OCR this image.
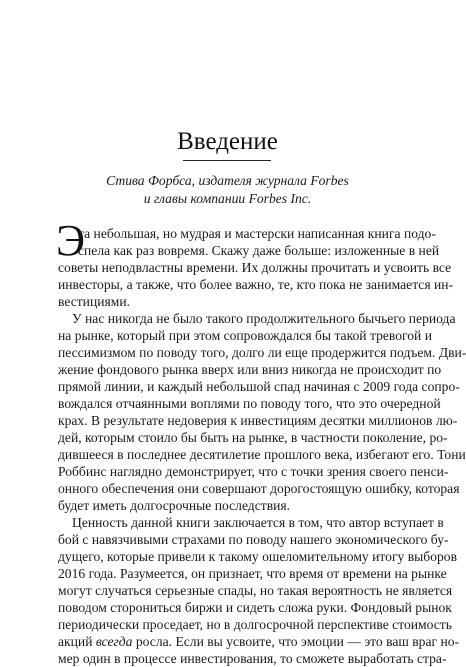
Введение
Стива Форбса, издателя журнала Forbes
и главы компании Forbes Inc.
Э
та небольшая, но мудрая и мастерски написанная книга подо-
спела как раз вовремя. Скажу даже больше: изложенные в ней
советы неподвластны времени. Их должны прочитать и усвоить все
инвесторы, а также, что более важно, те, кто пока не занимается ин-
вестициями.
У нас никогда не было такого продолжительного бычьего периода
на рынке, который при этом сопровождался бы такой тревогой и
пессимизмом по поводу того, долго ли еще продержится подъем. Дви-
жение фондового рынка вверх или вниз никогда не происходит по
прямой линии, и каждый небольшой спад начиная с 2009 года сопро-
вождался отчаянными воплями по поводу того, что это очередной
крах. В результате недоверия к инвестициям десятки миллионов лю-
дей, которым стоило бы быть на рынке, в частности поколение, ро-
дившееся в последнее десятилетие прошлого века, избегают его. Тони
Роббинс наглядно демонстрирует, что с точки зрения своего пенси-
онного обеспечения они совершают дорогостоящую ошибку, которая
будет иметь долгосрочные последствия.
Ценность данной книги заключается в том, что автор вступает в
бой с навязчивыми страхами по поводу нашего экономического бу-
дущего, которые привели к такому ошеломительному итогу выборов
2016 года. Разумеется, он признает, что время от времени на рынке
могут случаться серьезные спады, но такая вероятность не является
поводом сторониться биржи и сидеть сложа руки. Фондовый рынок
периодически проседает, но в долгосрочной перспективе стоимость
акций всегда росла. Если вы усвоите, что эмоции — это ваш враг но-
мер один в процессе инвестирования, то сможете выработать стра-
